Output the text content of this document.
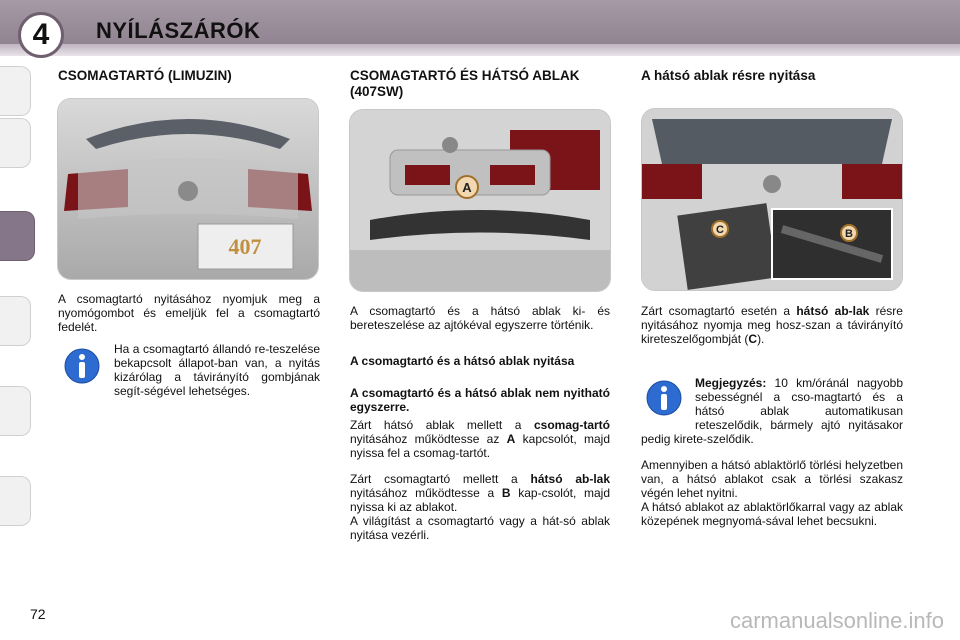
4	NYÍLÁSZÁRÓK
CSOMAGTARTÓ (LIMUZIN)
407
A csomagtartó nyitásához nyomjuk meg a nyomógombot és emeljük fel a csomagtartó fedelét.
Ha a csomagtartó állandó re-teszelése bekapcsolt állapot-ban van, a nyitás kizárólag a távirányító gombjának segít-ségével lehetséges.
CSOMAGTARTÓ ÉS HÁTSÓ ABLAK (407SW)
A
A csomagtartó és a hátsó ablak ki- és bereteszelése az ajtókéval egyszerre történik.
A csomagtartó és a hátsó ablak nyitása
A csomagtartó és a hátsó ablak nem nyitható egyszerre.
Zárt hátsó ablak mellett a csomag-tartó nyitásához működtesse az A kapcsolót, majd nyissa fel a csomag-tartót.
Zárt csomagtartó mellett a hátsó ab-lak nyitásához működtesse a B kap-csolót, majd nyissa ki az ablakot.
A világítást a csomagtartó vagy a hát-só ablak nyitása vezérli.
A hátsó ablak résre nyitása
C	B
Zárt csomagtartó esetén a hátsó ab-lak résre nyitásához nyomja meg hosz-szan a távirányító kireteszelőgombját (C).
Megjegyzés: 10 km/óránál nagyobb sebességnél a cso-magtartó és a hátsó ablak automatikusan reteszelődik, bármely ajtó nyitásakor pedig kirete-szelődik.
Amennyiben a hátsó ablaktörlő törlési helyzetben van, a hátsó ablakot csak a törlési szakasz végén lehet nyitni.
A hátsó ablakot az ablaktörlőkarral vagy az ablak közepének megnyomá-sával lehet becsukni.
72	carmanualsonline.info
